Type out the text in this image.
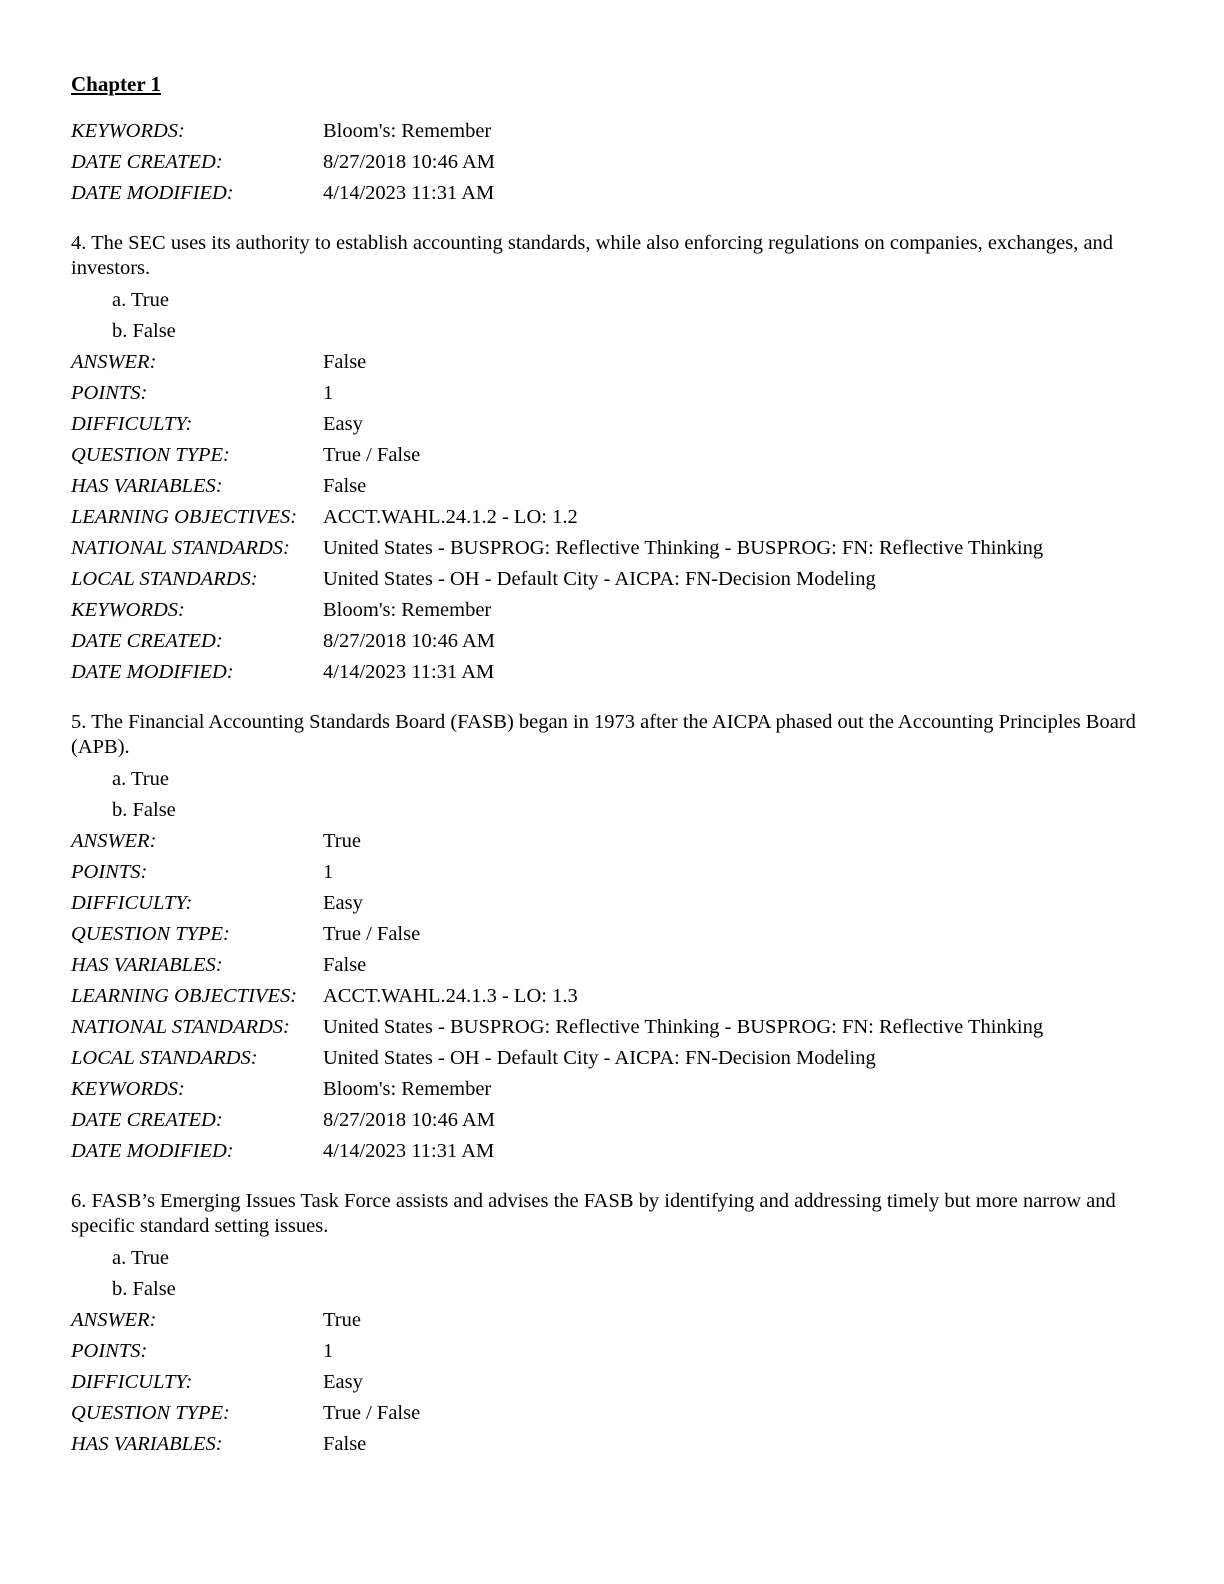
Chapter 1
KEYWORDS:	Bloom's: Remember
DATE CREATED:	8/27/2018 10:46 AM
DATE MODIFIED:	4/14/2023 11:31 AM
4. The SEC uses its authority to establish accounting standards, while also enforcing regulations on companies, exchanges, and investors.
a. True
b. False
ANSWER:	False
POINTS:	1
DIFFICULTY:	Easy
QUESTION TYPE:	True / False
HAS VARIABLES:	False
LEARNING OBJECTIVES:	ACCT.WAHL.24.1.2 - LO: 1.2
NATIONAL STANDARDS:	United States - BUSPROG: Reflective Thinking - BUSPROG: FN: Reflective Thinking
LOCAL STANDARDS:	United States - OH - Default City - AICPA: FN-Decision Modeling
KEYWORDS:	Bloom's: Remember
DATE CREATED:	8/27/2018 10:46 AM
DATE MODIFIED:	4/14/2023 11:31 AM
5. The Financial Accounting Standards Board (FASB) began in 1973 after the AICPA phased out the Accounting Principles Board (APB).
a. True
b. False
ANSWER:	True
POINTS:	1
DIFFICULTY:	Easy
QUESTION TYPE:	True / False
HAS VARIABLES:	False
LEARNING OBJECTIVES:	ACCT.WAHL.24.1.3 - LO: 1.3
NATIONAL STANDARDS:	United States - BUSPROG: Reflective Thinking - BUSPROG: FN: Reflective Thinking
LOCAL STANDARDS:	United States - OH - Default City - AICPA: FN-Decision Modeling
KEYWORDS:	Bloom's: Remember
DATE CREATED:	8/27/2018 10:46 AM
DATE MODIFIED:	4/14/2023 11:31 AM
6. FASB’s Emerging Issues Task Force assists and advises the FASB by identifying and addressing timely but more narrow and specific standard setting issues.
a. True
b. False
ANSWER:	True
POINTS:	1
DIFFICULTY:	Easy
QUESTION TYPE:	True / False
HAS VARIABLES:	False
